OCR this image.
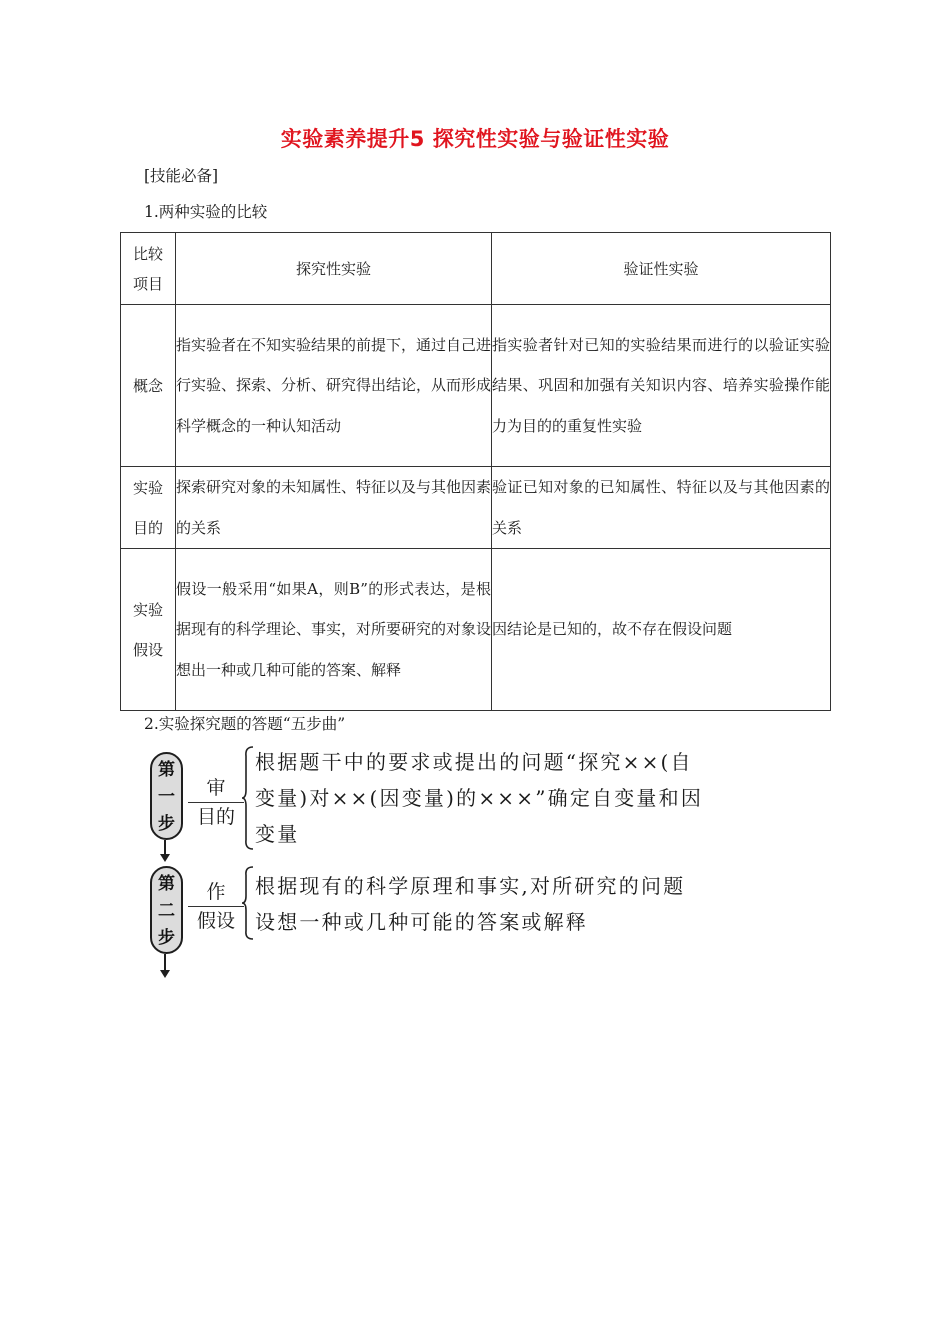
实验素养提升5 探究性实验与验证性实验
[技能必备]
1.两种实验的比较
比较
项目	探究性实验	验证性实验

概念	指实验者在不知实验结果的前提下，通过自己进行实验、探索、分析、研究得出结论，从而形成科学概念的一种认知活动	指实验者针对已知的实验结果而进行的以验证实验结果、巩固和加强有关知识内容、培养实验操作能力为目的的重复性实验

实验
目的	探索研究对象的未知属性、特征以及与其他因素的关系	验证已知对象的已知属性、特征以及与其他因素的关系

实验
假设	假设一般采用“如果A，则B”的形式表达，是根据现有的科学理论、事实，对所要研究的对象设想出一种或几种可能的答案、解释	因结论是已知的，故不存在假设问题
2.实验探究题的答题“五步曲”
第
一
步
审
目的
根据题干中的要求或提出的问题“探究××(自变量)对××(因变量)的×××”确定自变量和因变量
第
二
步
作
假设
根据现有的科学原理和事实,对所研究的问题设想一种或几种可能的答案或解释
